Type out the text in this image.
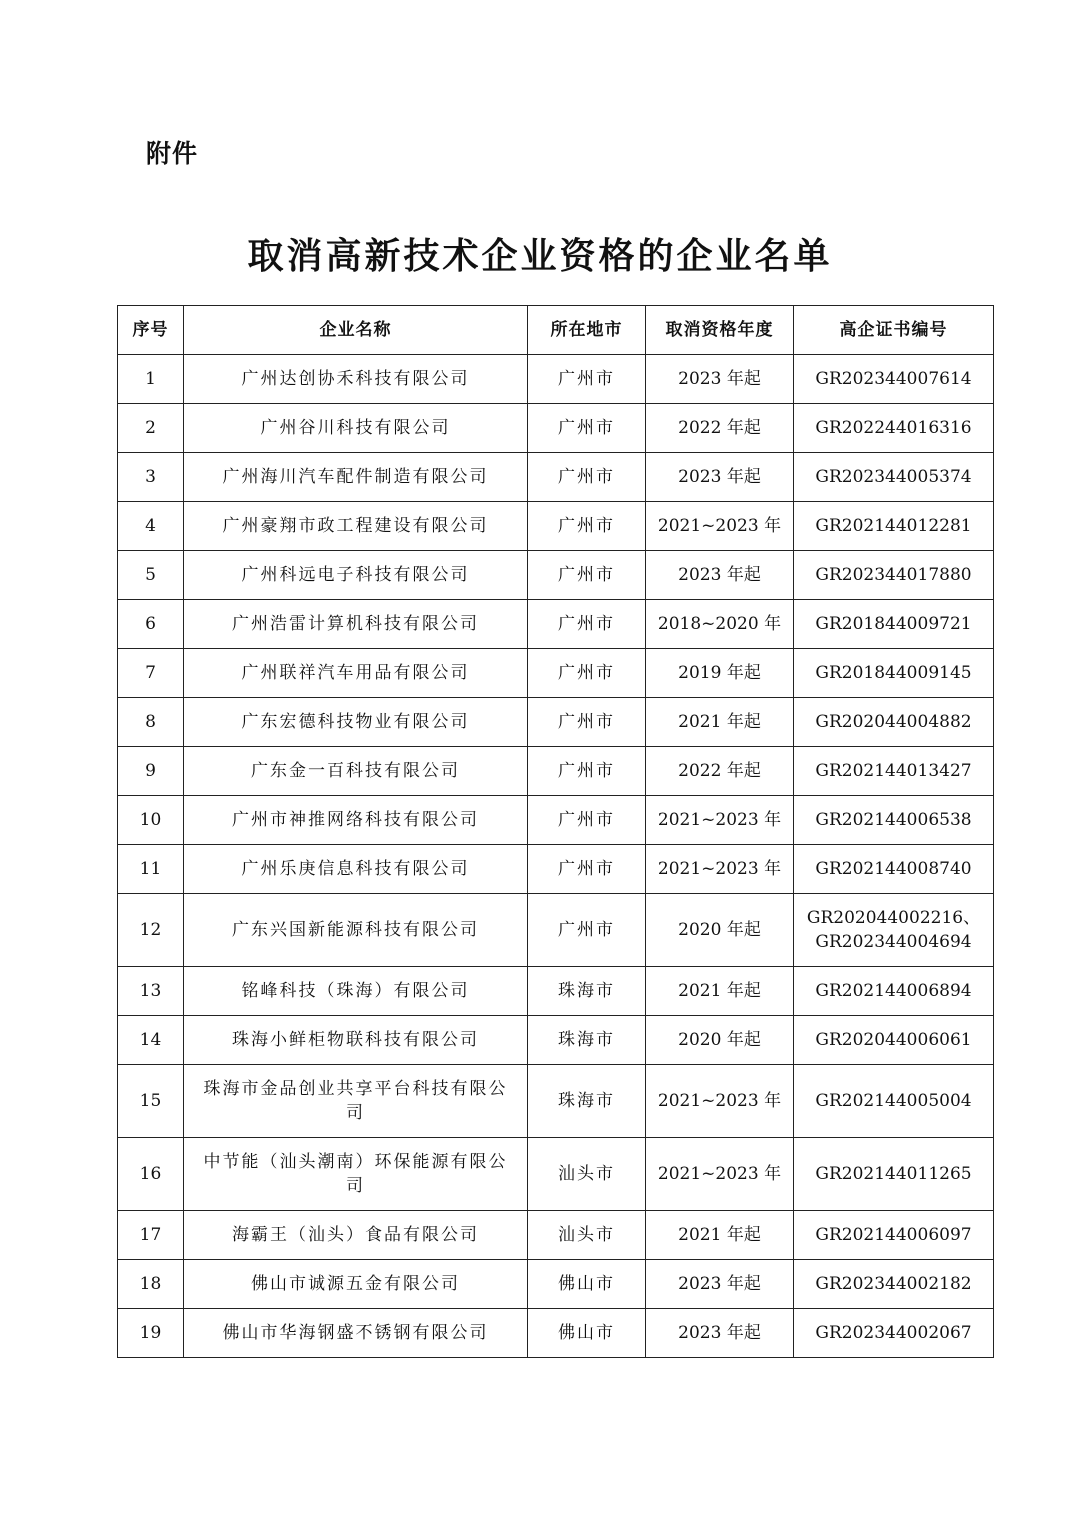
附件
取消高新技术企业资格的企业名单
序号	企业名称	所在地市	取消资格年度	高企证书编号
1	广州达创协禾科技有限公司	广州市	2023 年起	GR202344007614
2	广州谷川科技有限公司	广州市	2022 年起	GR202244016316
3	广州海川汽车配件制造有限公司	广州市	2023 年起	GR202344005374
4	广州豪翔市政工程建设有限公司	广州市	2021~2023 年	GR202144012281
5	广州科远电子科技有限公司	广州市	2023 年起	GR202344017880
6	广州浩雷计算机科技有限公司	广州市	2018~2020 年	GR201844009721
7	广州联祥汽车用品有限公司	广州市	2019 年起	GR201844009145
8	广东宏德科技物业有限公司	广州市	2021 年起	GR202044004882
9	广东金一百科技有限公司	广州市	2022 年起	GR202144013427
10	广州市神推网络科技有限公司	广州市	2021~2023 年	GR202144006538
11	广州乐庚信息科技有限公司	广州市	2021~2023 年	GR202144008740
12	广东兴国新能源科技有限公司	广州市	2020 年起	GR202044002216、
GR202344004694
13	铭峰科技（珠海）有限公司	珠海市	2021 年起	GR202144006894
14	珠海小鲜柜物联科技有限公司	珠海市	2020 年起	GR202044006061
15	珠海市金品创业共享平台科技有限公
司	珠海市	2021~2023 年	GR202144005004
16	中节能（汕头潮南）环保能源有限公
司	汕头市	2021~2023 年	GR202144011265
17	海霸王（汕头）食品有限公司	汕头市	2021 年起	GR202144006097
18	佛山市诚源五金有限公司	佛山市	2023 年起	GR202344002182
19	佛山市华海钢盛不锈钢有限公司	佛山市	2023 年起	GR202344002067
